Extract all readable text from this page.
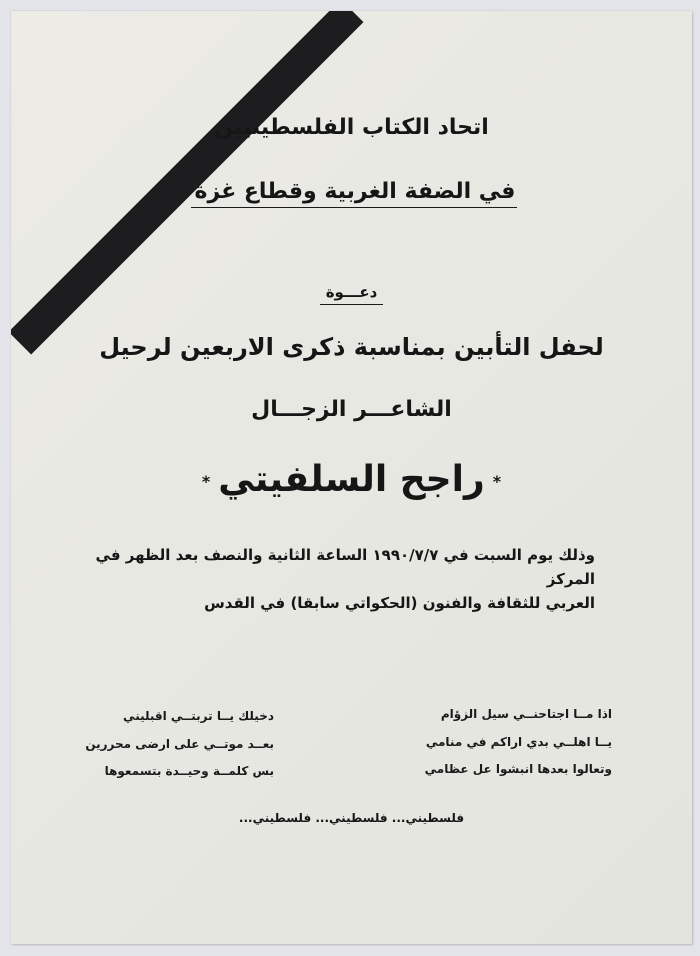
اتحاد الكتاب الفلسطينيين
في الضفة الغربية وقطاع غزة
دعـــوة
لحفل التأبين بمناسبة ذكرى الاربعين لرحيل
الشاعـــر الزجـــال
*راجح السلفيتي*

وذلك يوم السبت في ١٩٩٠/٧/٧ الساعة الثانية والنصف بعد الظهر في المركز

العربي للثقافة والفنون (الحكواتي سابقا) في القدس

اذا مــا اجتاحنــي سيل الزؤام

يــا اهلــي بدي اراكم في منامي

وتعالوا بعدها انبشوا عل عظامي

دخيلك يــا تربتــي اقبليني

بعــد موتــي على ارضى محررين

بس كلمــة وحيــدة بتسمعوها

فلسطيني... فلسطيني... فلسطيني...
